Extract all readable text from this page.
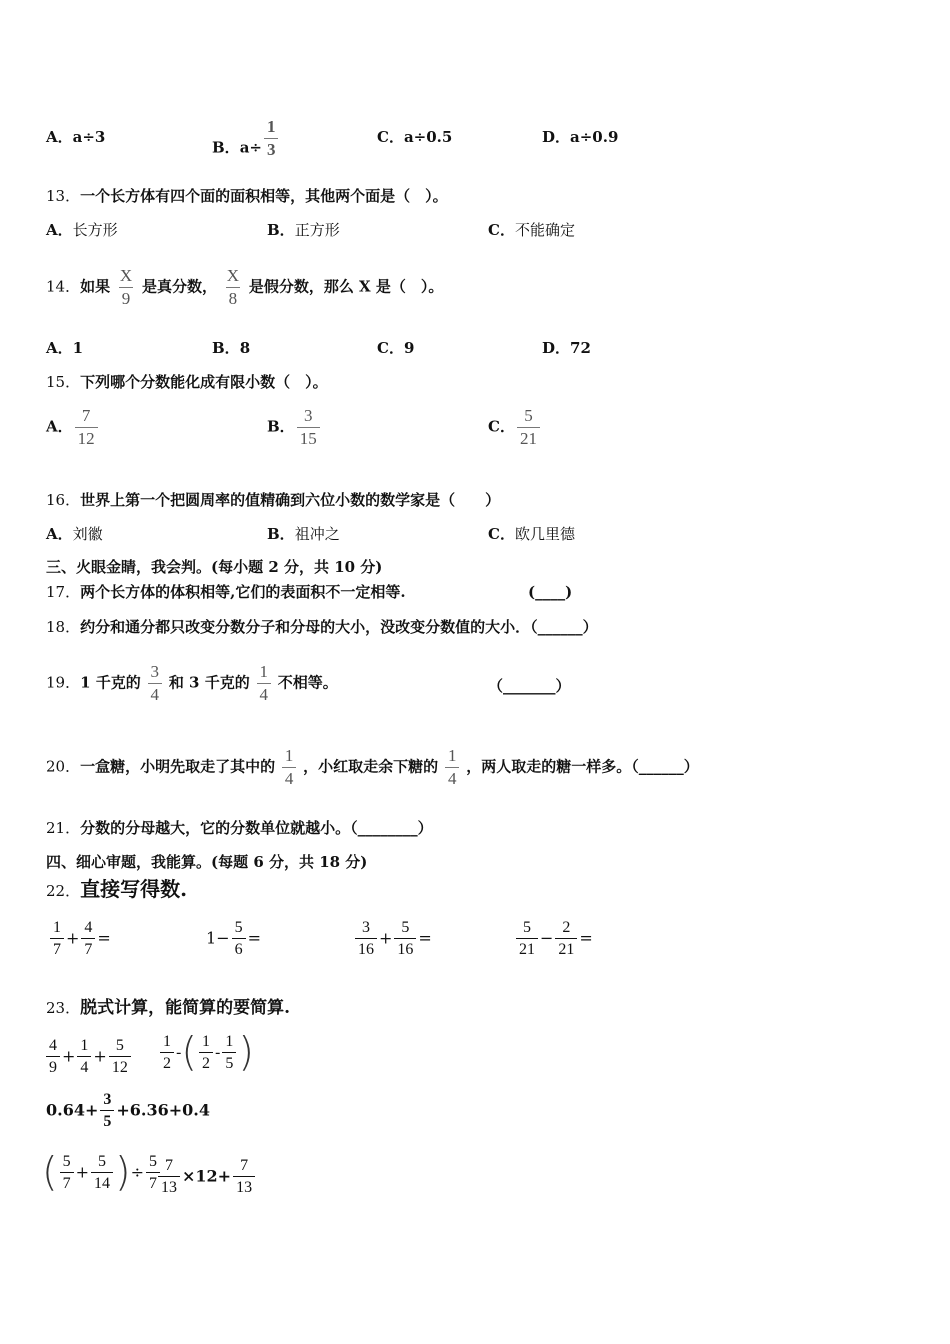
A．a÷3
B．$a\div \frac{1}{3}$	C．a÷0.5	D．a÷0.9
13．一个长方体有四个面的面积相等，其他两个面是（　）。
A．长方形	B．正方形	C．不能确定
14．如果 $\frac{X}{9}$ 是真分数， $\frac{X}{8}$ 是假分数，那么 X 是（　）。
A．1	B．8	C．9	D．72
15．下列哪个分数能化成有限小数（　）。
A． $\frac{7}{12}$	B． $\frac{3}{15}$	C． $\frac{5}{21}$
16．世界上第一个把圆周率的值精确到六位小数的数学家是（　　）
A．刘徽	B．祖冲之	C．欧几里德
三、火眼金睛，我会判。(每小题 2 分，共 10 分)
17．两个长方体的体积相等,它们的表面积不一定相等.	(____)
18．约分和通分都只改变分数分子和分母的大小，没改变分数值的大小．（______）
19．1 千克的 $\frac{3}{4}$ 和 3 千克的 $\frac{1}{4}$ 不相等。	（_______）
20．一盒糖，小明先取走了其中的 $\frac{1}{4}$ ，小红取走余下糖的 $\frac{1}{4}$ ，两人取走的糖一样多。（______）
21．分数的分母越大，它的分数单位就越小。（________）
四、细心审题，我能算。(每题 6 分，共 18 分)
22．直接写得数.
$\frac{1}{7} + \frac{4}{7}$ =	$1- \frac{5}{6}$ =	$\frac{3}{16} + \frac{5}{16}$ =	$\frac{5}{21} - \frac{2}{21}$ =
23．脱式计算，能简算的要简算.
$\frac{4}{9} + \frac{1}{4} + \frac{5}{12} \frac{1}{2}$ -( $\frac{1}{2} - \frac{1}{5}$ )
$0.64+ \frac{3}{5} +6.36+0.4$
( $\frac{5}{7} + \frac{5}{14}$ )÷ $\frac{5}{7}$
$\frac{7}{13} \times 12+ \frac{7}{13}$
